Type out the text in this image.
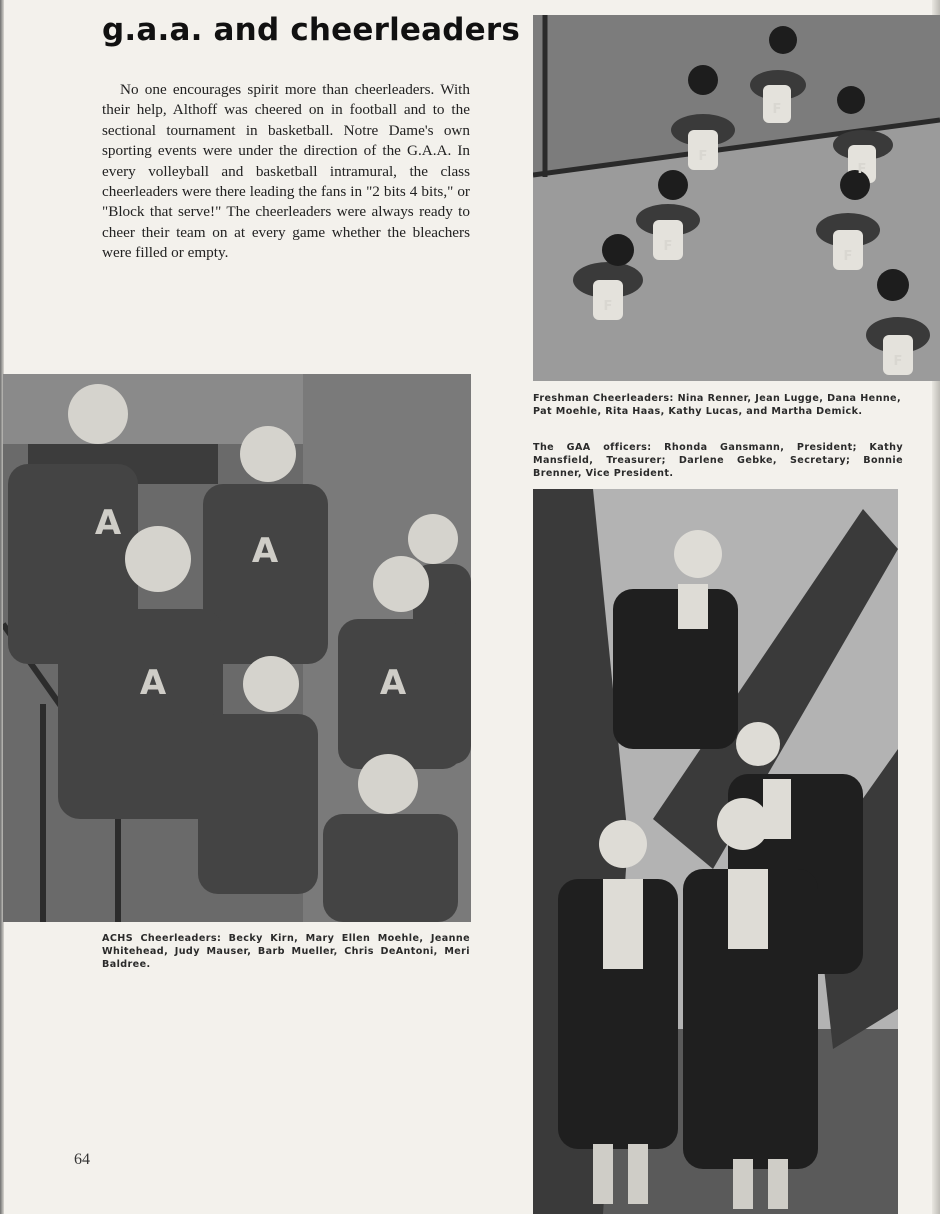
g.a.a. and cheerleaders

No one encourages spirit more than cheerleaders. With their help, Althoff was cheered on in football and to the sectional tournament in basketball. Notre Dame's own sporting events were under the direction of the G.A.A. In every volleyball and basketball intramural, the class cheerleaders were there leading the fans in "2 bits 4 bits," or "Block that serve!" The cheerleaders were always ready to cheer their team on at every game whether the bleachers were filled or empty.

F
F
F
F
F
F
F

Freshman Cheerleaders: Nina Renner, Jean Lugge, Dana Henne, Pat Moehle, Rita Haas, Kathy Lucas, and Martha Demick.

The GAA officers: Rhonda Gansmann, President; Kathy Mansfield, Treasurer; Darlene Gebke, Secretary; Bonnie Brenner, Vice President.

A
A
A	A

ACHS Cheerleaders: Becky Kirn, Mary Ellen Moehle, Jeanne Whitehead, Judy Mauser, Barb Mueller, Chris DeAntoni, Meri Baldree.

64
